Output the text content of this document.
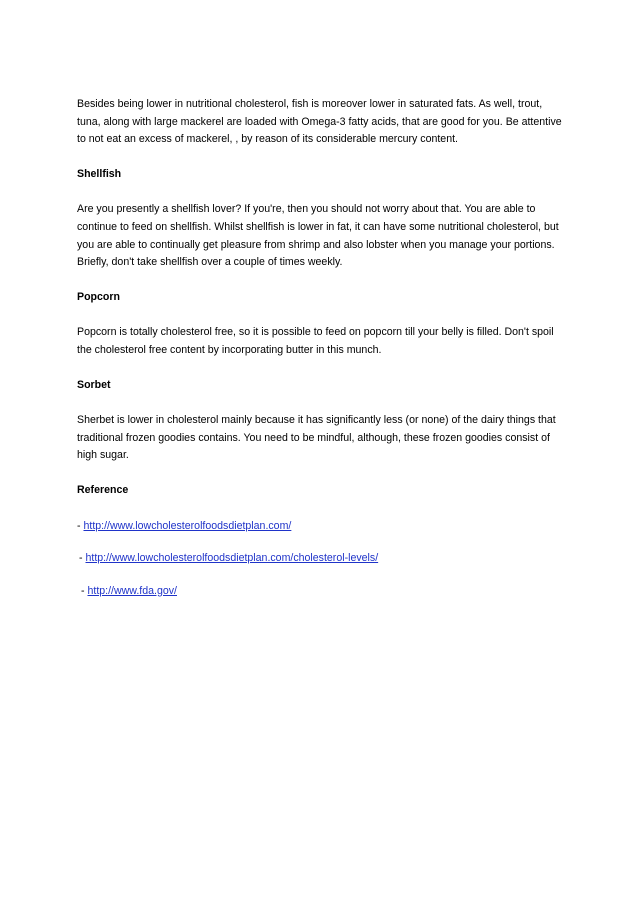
Besides being lower in nutritional cholesterol, fish is moreover lower in saturated fats. As well, trout, tuna, along with large mackerel are loaded with Omega-3 fatty acids, that are good for you. Be attentive to not eat an excess of mackerel, , by reason of its considerable mercury content.

Shellfish

Are you presently a shellfish lover? If you're, then you should not worry about that. You are able to continue to feed on shellfish. Whilst shellfish is lower in fat, it can have some nutritional cholesterol, but you are able to continually get pleasure from shrimp and also lobster when you manage your portions. Briefly, don't take shellfish over a couple of times weekly.

Popcorn

Popcorn is totally cholesterol free, so it is possible to feed on popcorn till your belly is filled. Don't spoil the cholesterol free content by incorporating butter in this munch.

Sorbet

Sherbet is lower in cholesterol mainly because it has significantly less (or none) of the dairy things that traditional frozen goodies contains. You need to be mindful, although, these frozen goodies consist of high sugar.

Reference

- http://www.lowcholesterolfoodsdietplan.com/
- http://www.lowcholesterolfoodsdietplan.com/cholesterol-levels/
- http://www.fda.gov/
